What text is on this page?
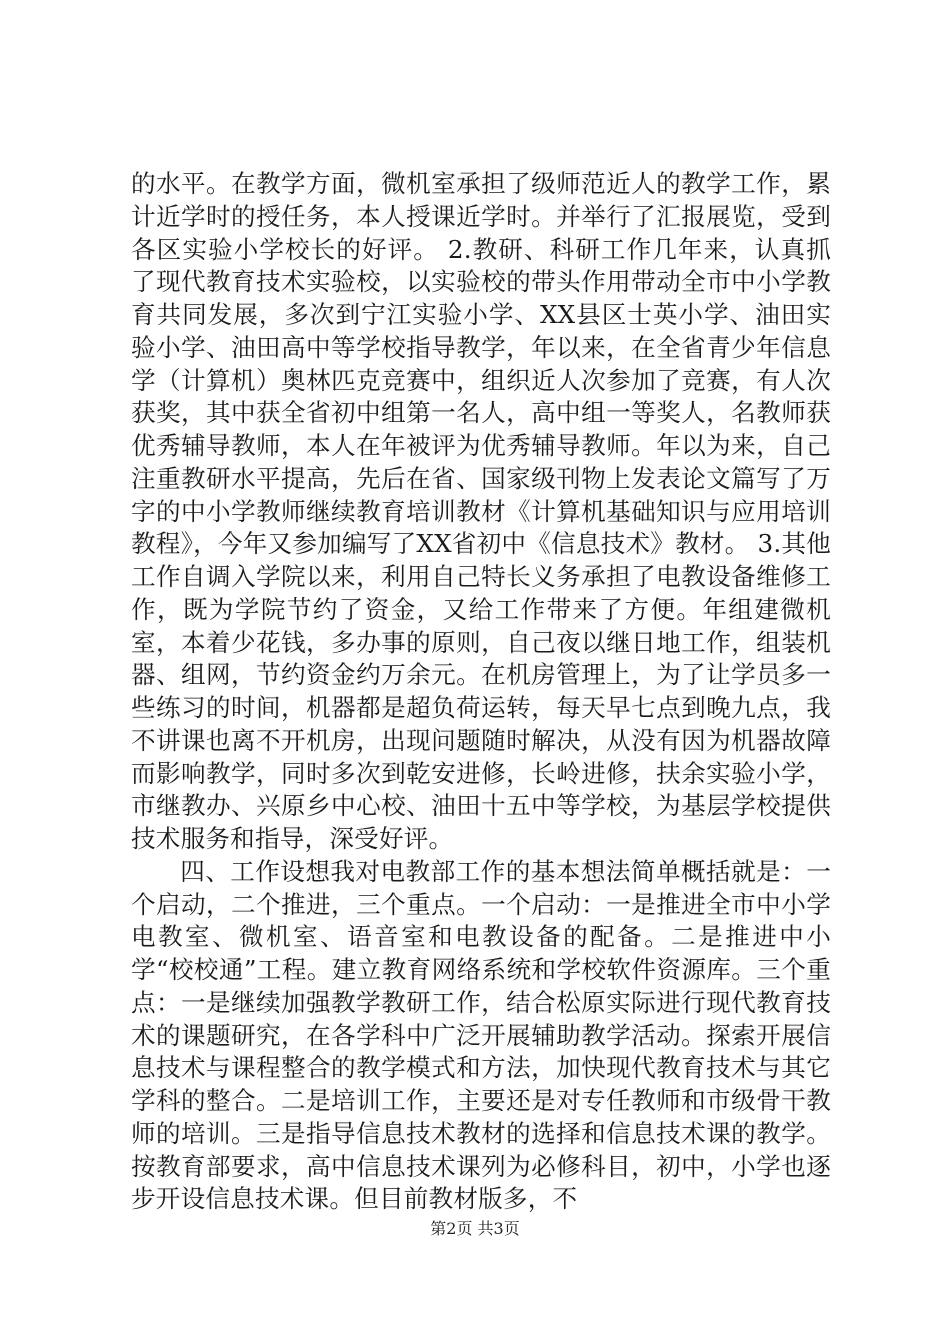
的水平。在教学方面，微机室承担了级师范近人的教学工作，累计近学时的授任务，本人授课近学时。并举行了汇报展览，受到各区实验小学校长的好评。 2.教研、科研工作几年来，认真抓了现代教育技术实验校，以实验校的带头作用带动全市中小学教育共同发展，多次到宁江实验小学、XX县区士英小学、油田实验小学、油田高中等学校指导教学，年以来，在全省青少年信息学（计算机）奥林匹克竞赛中，组织近人次参加了竞赛，有人次获奖，其中获全省初中组第一名人，高中组一等奖人，名教师获优秀辅导教师，本人在年被评为优秀辅导教师。年以为来，自己注重教研水平提高，先后在省、国家级刊物上发表论文篇写了万字的中小学教师继续教育培训教材《计算机基础知识与应用培训教程》，今年又参加编写了XX省初中《信息技术》教材。 3.其他工作自调入学院以来，利用自己特长义务承担了电教设备维修工作，既为学院节约了资金，又给工作带来了方便。年组建微机室，本着少花钱，多办事的原则，自己夜以继日地工作，组装机器、组网，节约资金约万余元。在机房管理上，为了让学员多一些练习的时间，机器都是超负荷运转，每天早七点到晚九点，我不讲课也离不开机房，出现问题随时解决，从没有因为机器故障而影响教学，同时多次到乾安进修，长岭进修，扶余实验小学，市继教办、兴原乡中心校、油田十五中等学校，为基层学校提供技术服务和指导，深受好评。

四、工作设想我对电教部工作的基本想法简单概括就是：一个启动，二个推进，三个重点。一个启动：一是推进全市中小学电教室、微机室、语音室和电教设备的配备。二是推进中小学“校校通”工程。建立教育网络系统和学校软件资源库。三个重点：一是继续加强教学教研工作，结合松原实际进行现代教育技术的课题研究，在各学科中广泛开展辅助教学活动。探索开展信息技术与课程整合的教学模式和方法，加快现代教育技术与其它学科的整合。二是培训工作，主要还是对专任教师和市级骨干教师的培训。三是指导信息技术教材的选择和信息技术课的教学。按教育部要求，高中信息技术课列为必修科目，初中，小学也逐步开设信息技术课。但目前教材版多，不

第2页 共3页
